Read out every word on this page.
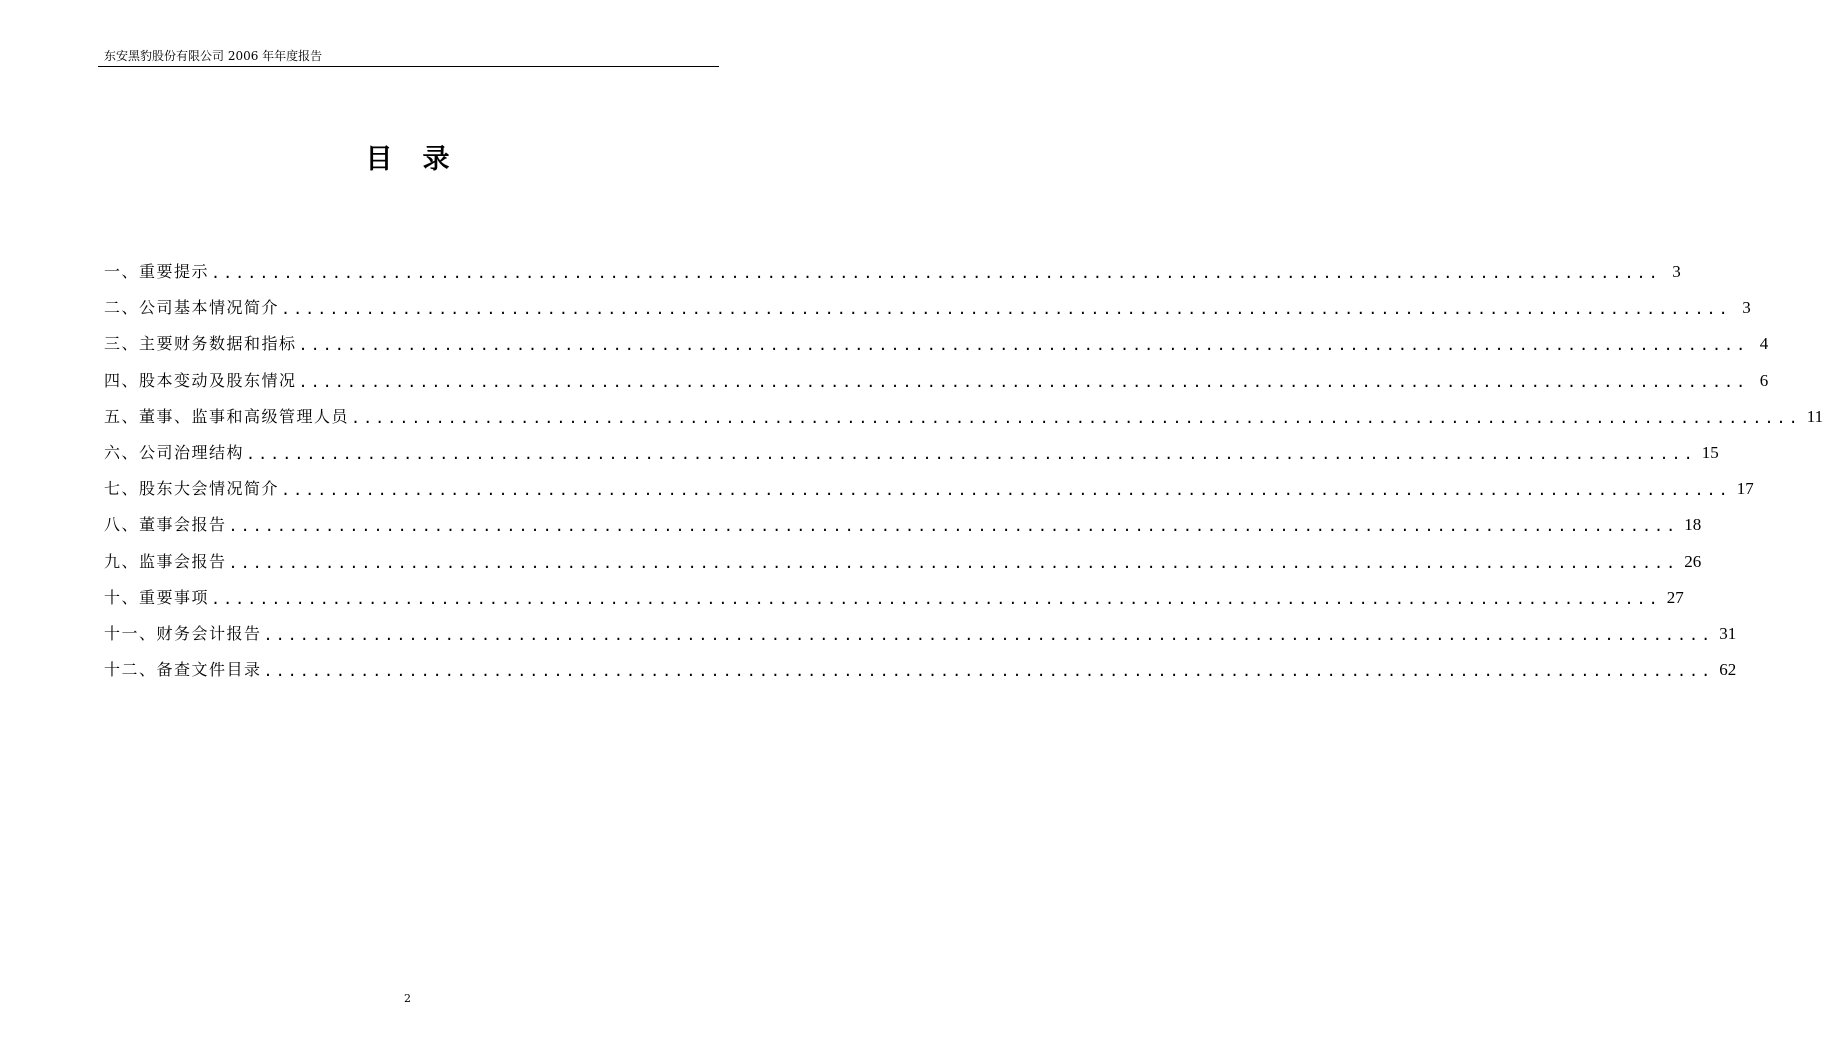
东安黑豹股份有限公司 2006 年年度报告
目 录
一、重要提示 ........................................................................................................................ 3
二、公司基本情况简介 ........................................................................................................................ 3
三、主要财务数据和指标 ........................................................................................................................ 4
四、股本变动及股东情况 ........................................................................................................................ 6
五、董事、监事和高级管理人员 ........................................................................................................................ 11
六、公司治理结构 ........................................................................................................................ 15
七、股东大会情况简介 ........................................................................................................................ 17
八、董事会报告 ........................................................................................................................ 18
九、监事会报告 ........................................................................................................................ 26
十、重要事项 ........................................................................................................................ 27
十一、财务会计报告 ........................................................................................................................ 31
十二、备查文件目录 ........................................................................................................................ 62
2
